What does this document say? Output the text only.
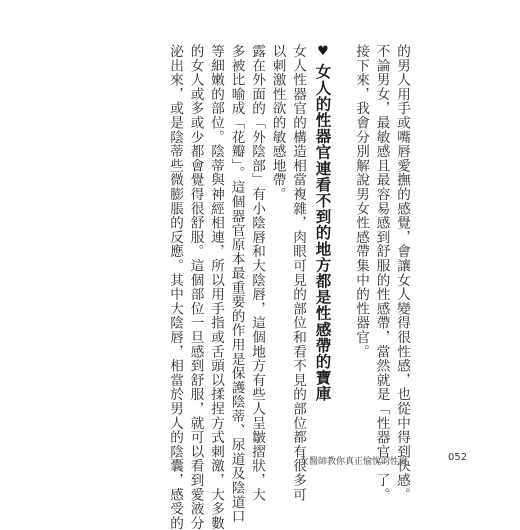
的男人用手或嘴唇愛撫的感覺，會讓女人變得很性感，也從中得到快感。
不論男女，最敏感且最容易感到舒服的性感帶，當然就是「性器官」了。
接下來，我會分別解說男女性感帶集中的性器官。
♥女人的性器官連看不到的地方都是性感帶的寶庫
女人性器官的構造相當複雜，肉眼可見的部位和看不見的部位都有很多可
以刺激性欲的敏感地帶。
露在外面的「外陰部」有小陰唇和大陰唇，這個地方有些人呈皺摺狀，大
多被比喻成「花瓣」。這個器官原本最重要的作用是保護陰蒂、尿道及陰道口
等細嫩的部位。陰蒂與神經相連，所以用手指或舌頭以揉捏方式刺激，大多數
的女人或多或少都會覺得很舒服。這個部位一旦感到舒服，就可以看到愛液分
泌出來，或是陰蒂些微膨脹的反應。其中大陰唇，相當於男人的陰囊，感受的	女醫師教你真正愉悅的性愛	052
